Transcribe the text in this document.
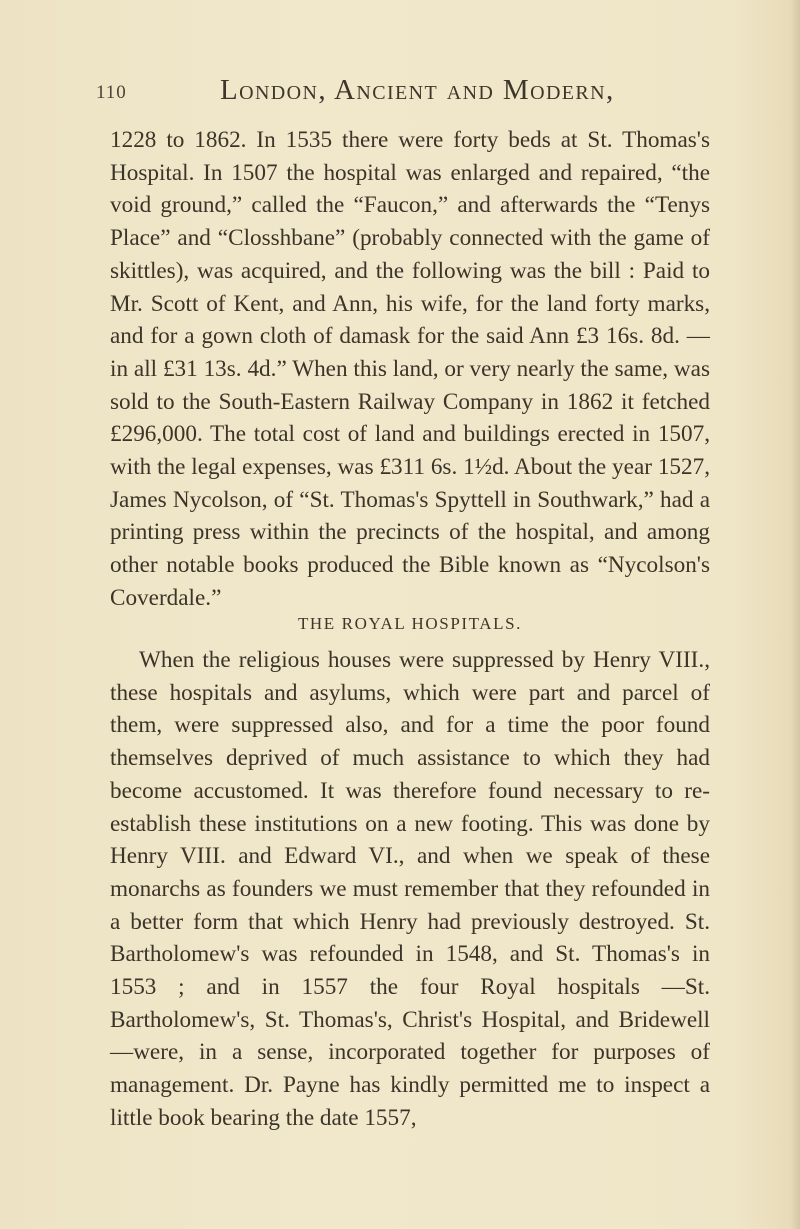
110	London, Ancient and Modern,

1228 to 1862. In 1535 there were forty beds at St. Thomas's Hospital. In 1507 the hospital was enlarged and repaired, “the void ground,” called the “Faucon,” and afterwards the “Tenys Place” and “Closshbane” (probably connected with the game of skittles), was acquired, and the following was the bill : Paid to Mr. Scott of Kent, and Ann, his wife, for the land forty marks, and for a gown cloth of damask for the said Ann £3 16s. 8d. —in all £31 13s. 4d.” When this land, or very nearly the same, was sold to the South-Eastern Railway Company in 1862 it fetched £296,000. The total cost of land and buildings erected in 1507, with the legal expenses, was £311 6s. 1½d. About the year 1527, James Nycolson, of “St. Thomas's Spyttell in Southwark,” had a printing press within the precincts of the hospital, and among other notable books produced the Bible known as “Nycolson's Coverdale.”

THE ROYAL HOSPITALS.

When the religious houses were suppressed by Henry VIII., these hospitals and asylums, which were part and parcel of them, were suppressed also, and for a time the poor found themselves deprived of much assistance to which they had become accustomed. It was therefore found necessary to re-establish these institutions on a new footing. This was done by Henry VIII. and Edward VI., and when we speak of these monarchs as founders we must remember that they refounded in a better form that which Henry had previously destroyed. St. Bartholomew's was refounded in 1548, and St. Thomas's in 1553 ; and in 1557 the four Royal hospitals —St. Bartholomew's, St. Thomas's, Christ's Hospital, and Bridewell—were, in a sense, incorporated together for purposes of management. Dr. Payne has kindly permitted me to inspect a little book bearing the date 1557,
